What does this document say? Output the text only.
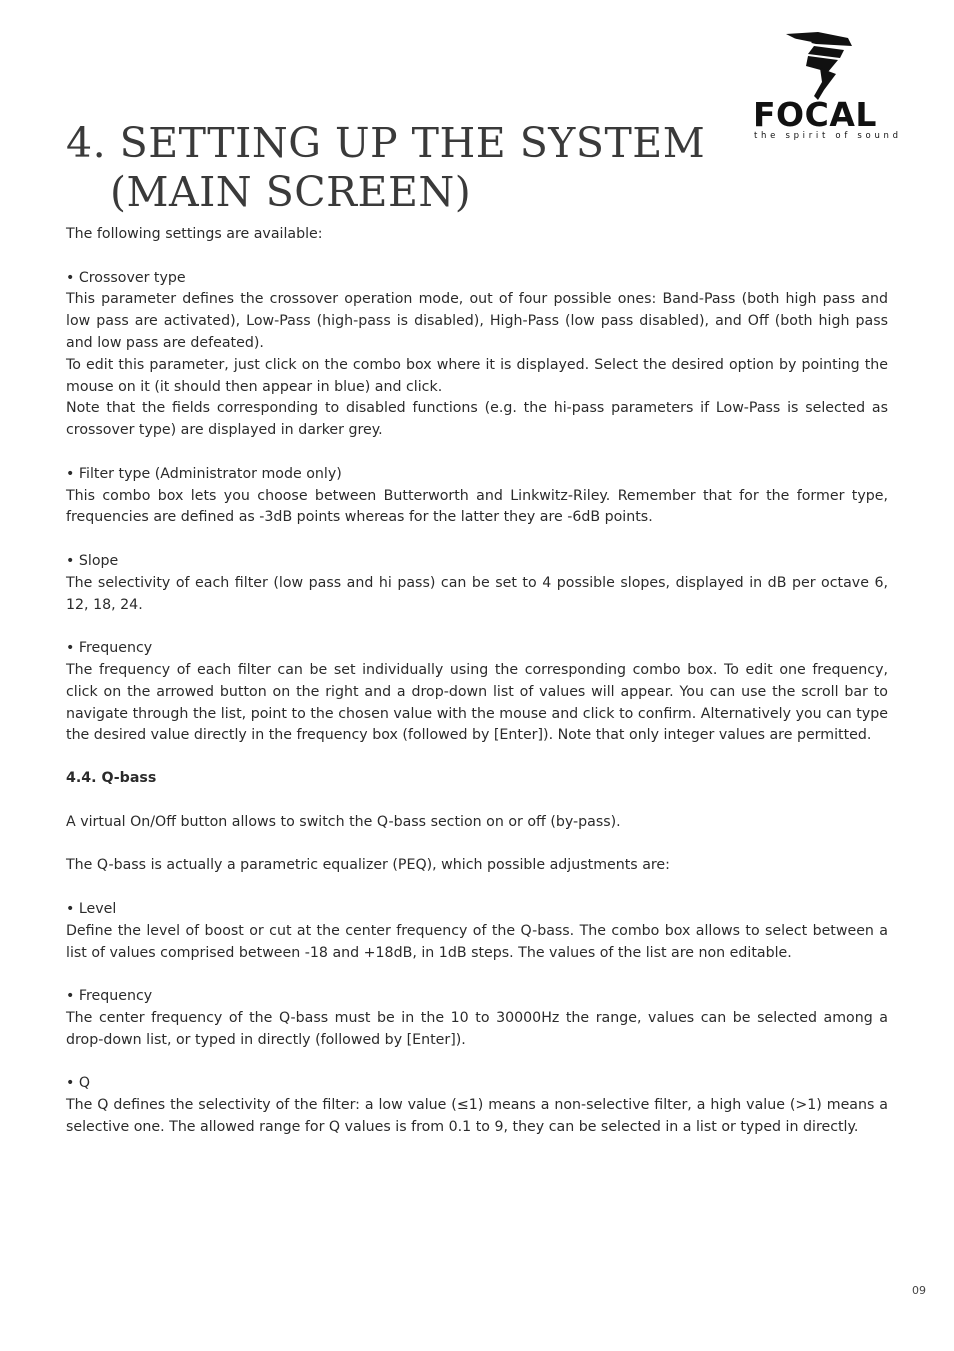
4. SETTING UP THE SYSTEM
(MAIN SCREEN)
FOCAL
the spirit of sound

The following settings are available:

• Crossover type

This parameter defines the crossover operation mode, out of four possible ones: Band-Pass (both high pass and low pass are activated), Low-Pass (high-pass is disabled), High-Pass (low pass disabled), and Off (both high pass and low pass are defeated).

To edit this parameter, just click on the combo box where it is displayed. Select the desired option by pointing the mouse on it (it should then appear in blue) and click.

Note that the fields corresponding to disabled functions (e.g. the hi-pass parameters if Low-Pass is selected as crossover type) are displayed in darker grey.

• Filter type (Administrator mode only)

This combo box lets you choose between Butterworth and Linkwitz-Riley. Remember that for the former type, frequencies are defined as -3dB points whereas for the latter they are -6dB points.

• Slope

The selectivity of each filter (low pass and hi pass) can be set to 4 possible slopes, displayed in dB per octave 6, 12, 18, 24.

• Frequency

The frequency of each filter can be set individually using the corresponding combo box. To edit one frequency, click on the arrowed button on the right and a drop-down list of values will appear. You can use the scroll bar to navigate through the list, point to the chosen value with the mouse and click to confirm. Alternatively you can type the desired value directly in the frequency box (followed by [Enter]). Note that only integer values are permitted.

4.4. Q-bass

A virtual On/Off button allows to switch the Q-bass section on or off (by-pass).

The Q-bass is actually a parametric equalizer (PEQ), which possible adjustments are:

• Level

Define the level of boost or cut at the center frequency of the Q-bass. The combo box allows to select between a list of values comprised between -18 and +18dB, in 1dB steps. The values of the list are non editable.

• Frequency

The center frequency of the Q-bass must be in the 10 to 30000Hz the range, values can be selected among a drop-down list, or typed in directly (followed by [Enter]).

• Q

The Q defines the selectivity of the filter: a low value (≤1) means a non-selective filter, a high value (>1) means a selective one. The allowed range for Q values is from 0.1 to 9, they can be selected in a list or typed in directly.

09
